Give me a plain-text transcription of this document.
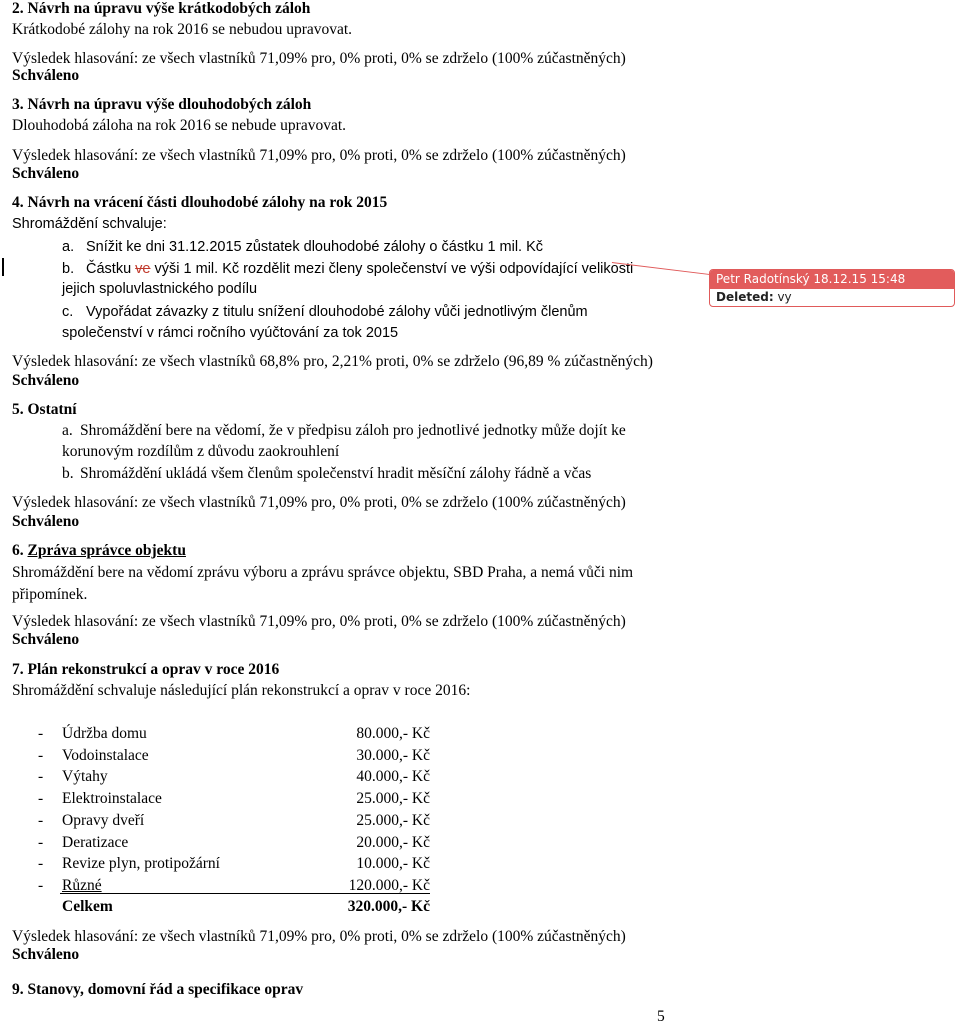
2. Návrh na úpravu výše krátkodobých záloh
Krátkodobé zálohy na rok 2016 se nebudou upravovat.
Výsledek hlasování: ze všech vlastníků 71,09% pro, 0% proti, 0% se zdrželo (100% zúčastněných)
Schváleno
3. Návrh na úpravu výše dlouhodobých záloh
Dlouhodobá záloha na rok 2016 se nebude upravovat.
Výsledek hlasování: ze všech vlastníků 71,09% pro, 0% proti, 0% se zdrželo (100% zúčastněných)
Schváleno
4. Návrh na vrácení části dlouhodobé zálohy na rok 2015
Shromáždění schvaluje:
a. Snížit ke dni 31.12.2015 zůstatek dlouhodobé zálohy o částku 1 mil. Kč
b. Částku ve výši 1 mil. Kč rozdělit mezi členy společenství ve výši odpovídající velikosti
jejich spoluvlastnického podílu
c. Vypořádat závazky z titulu snížení dlouhodobé zálohy vůči jednotlivým členům
společenství v rámci ročního vyúčtování za tok 2015
Výsledek hlasování: ze všech vlastníků 68,8% pro, 2,21% proti, 0% se zdrželo (96,89 % zúčastněných)
Schváleno
Petr Radotínský 18.12.15 15:48
Deleted: vy
5. Ostatní
a. Shromáždění bere na vědomí, že v předpisu záloh pro jednotlivé jednotky může dojít ke
korunovým rozdílům z důvodu zaokrouhlení
b. Shromáždění ukládá všem členům společenství hradit měsíční zálohy řádně a včas
Výsledek hlasování: ze všech vlastníků 71,09% pro, 0% proti, 0% se zdrželo (100% zúčastněných)
Schváleno
6. Zpráva správce objektu
Shromáždění bere na vědomí zprávu výboru a zprávu správce objektu, SBD Praha, a nemá vůči nim
připomínek.
Výsledek hlasování: ze všech vlastníků 71,09% pro, 0% proti, 0% se zdrželo (100% zúčastněných)
Schváleno
7. Plán rekonstrukcí a oprav v roce 2016
Shromáždění schvaluje následující plán rekonstrukcí a oprav v roce 2016:
- Údržba domu	80.000,- Kč
- Vodoinstalace	30.000,- Kč
- Výtahy	40.000,- Kč
- Elektroinstalace	25.000,- Kč
- Opravy dveří	25.000,- Kč
- Deratizace	20.000,- Kč
- Revize plyn, protipožární	10.000,- Kč
- Různé	120.000,- Kč
Celkem	320.000,- Kč
Výsledek hlasování: ze všech vlastníků 71,09% pro, 0% proti, 0% se zdrželo (100% zúčastněných)
Schváleno
9. Stanovy, domovní řád a specifikace oprav
5
